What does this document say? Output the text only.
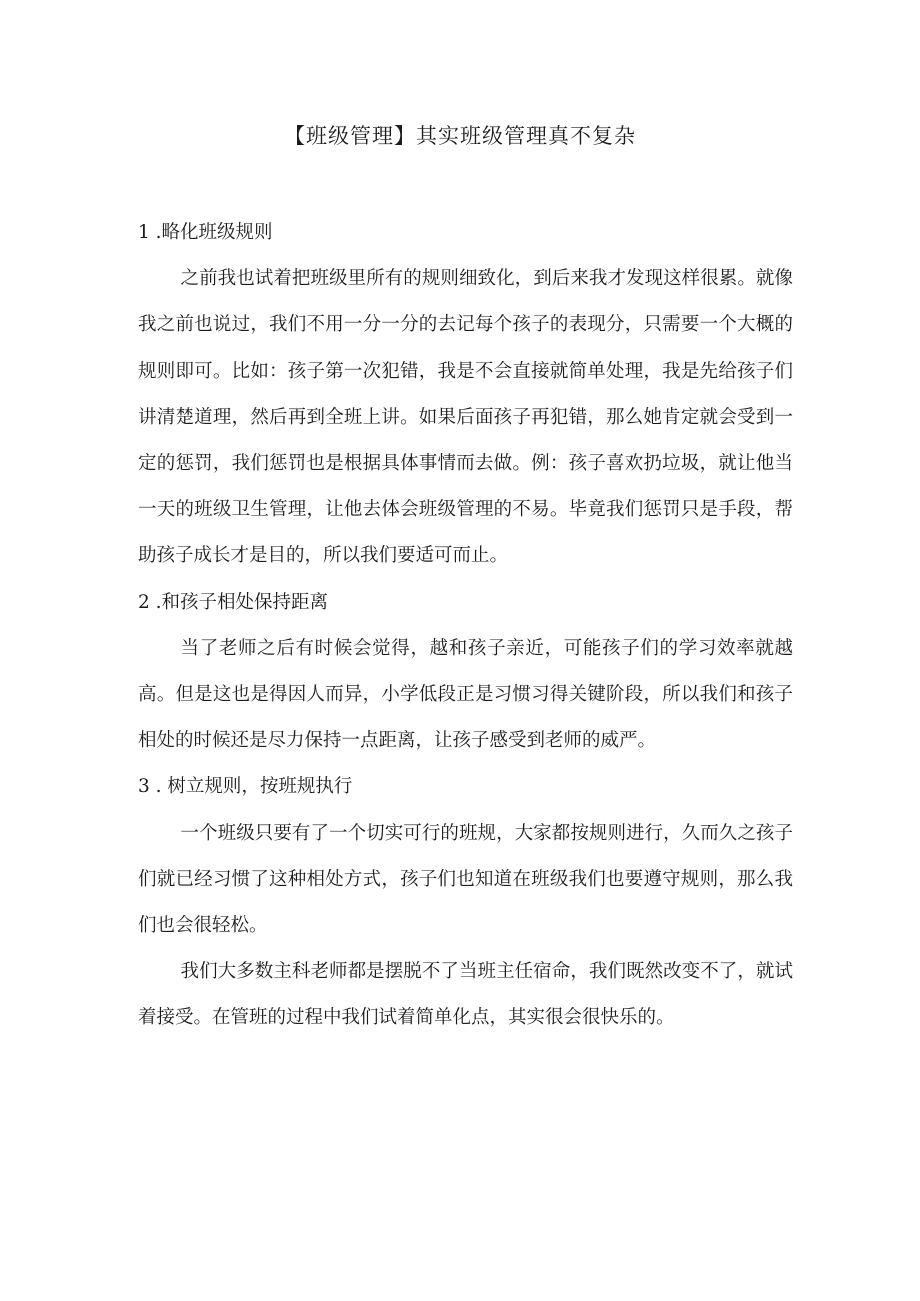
【班级管理】其实班级管理真不复杂

1 .略化班级规则

之前我也试着把班级里所有的规则细致化，到后来我才发现这样很累。就像我之前也说过，我们不用一分一分的去记每个孩子的表现分，只需要一个大概的规则即可。比如：孩子第一次犯错，我是不会直接就简单处理，我是先给孩子们讲清楚道理，然后再到全班上讲。如果后面孩子再犯错，那么她肯定就会受到一定的惩罚，我们惩罚也是根据具体事情而去做。例：孩子喜欢扔垃圾，就让他当一天的班级卫生管理，让他去体会班级管理的不易。毕竟我们惩罚只是手段，帮助孩子成长才是目的，所以我们要适可而止。

2 .和孩子相处保持距离

当了老师之后有时候会觉得，越和孩子亲近，可能孩子们的学习效率就越高。但是这也是得因人而异，小学低段正是习惯习得关键阶段，所以我们和孩子相处的时候还是尽力保持一点距离，让孩子感受到老师的威严。

3 . 树立规则，按班规执行

一个班级只要有了一个切实可行的班规，大家都按规则进行，久而久之孩子们就已经习惯了这种相处方式，孩子们也知道在班级我们也要遵守规则，那么我们也会很轻松。

我们大多数主科老师都是摆脱不了当班主任宿命，我们既然改变不了，就试着接受。在管班的过程中我们试着简单化点，其实很会很快乐的。
